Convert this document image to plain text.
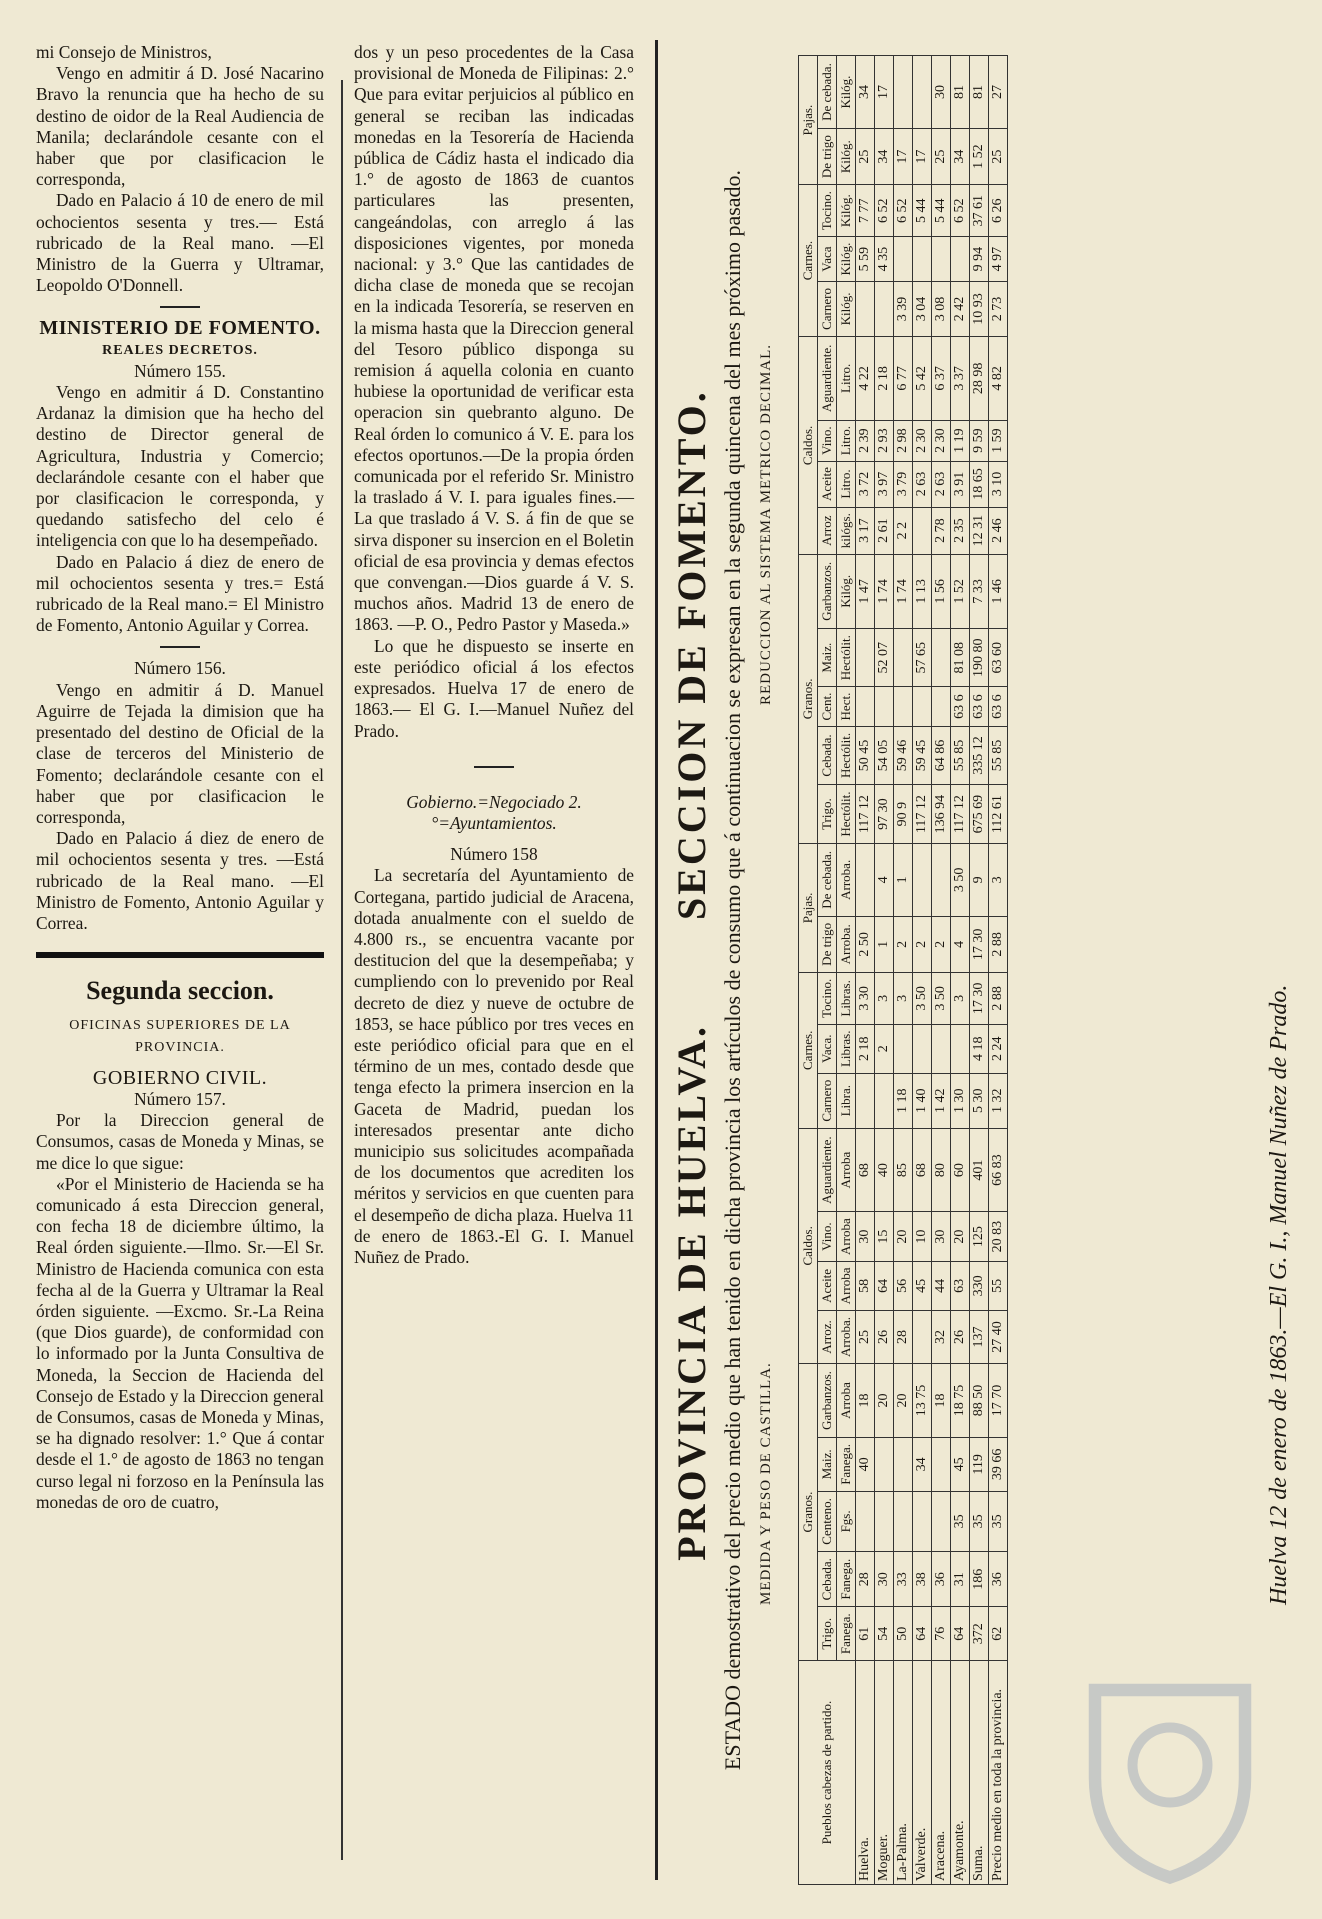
mi Consejo de Ministros,

Vengo en admitir á D. José Nacarino Bravo la renuncia que ha hecho de su destino de oidor de la Real Audiencia de Manila; declarándole cesante con el haber que por clasificacion le corresponda,

Dado en Palacio á 10 de enero de mil ochocientos sesenta y tres.— Está rubricado de la Real mano. —El Ministro de la Guerra y Ultramar, Leopoldo O'Donnell.

MINISTERIO DE FOMENTO.

REALES DECRETOS.

Número 155.

Vengo en admitir á D. Constantino Ardanaz la dimision que ha hecho del destino de Director general de Agricultura, Industria y Comercio; declarándole cesante con el haber que por clasificacion le corresponda, y quedando satisfecho del celo é inteligencia con que lo ha desempeñado.

Dado en Palacio á diez de enero de mil ochocientos sesenta y tres.= Está rubricado de la Real mano.= El Ministro de Fomento, Antonio Aguilar y Correa.

Número 156.

Vengo en admitir á D. Manuel Aguirre de Tejada la dimision que ha presentado del destino de Oficial de la clase de terceros del Ministerio de Fomento; declarándole cesante con el haber que por clasificacion le corresponda,

Dado en Palacio á diez de enero de mil ochocientos sesenta y tres. —Está rubricado de la Real mano. —El Ministro de Fomento, Antonio Aguilar y Correa.

Segunda seccion.

OFICINAS SUPERIORES DE LA PROVINCIA.

GOBIERNO CIVIL.

Número 157.

Por la Direccion general de Consumos, casas de Moneda y Minas, se me dice lo que sigue:

«Por el Ministerio de Hacienda se ha comunicado á esta Direccion general, con fecha 18 de diciembre último, la Real órden siguiente.—Ilmo. Sr.—El Sr. Ministro de Hacienda comunica con esta fecha al de la Guerra y Ultramar la Real órden siguiente. —Excmo. Sr.-La Reina (que Dios guarde), de conformidad con lo informado por la Junta Consultiva de Moneda, la Seccion de Hacienda del Consejo de Estado y la Direccion general de Consumos, casas de Moneda y Minas, se ha dignado resolver: 1.° Que á contar desde el 1.° de agosto de 1863 no tengan curso legal ni forzoso en la Península las monedas de oro de cuatro,

dos y un peso procedentes de la Casa provisional de Moneda de Filipinas: 2.° Que para evitar perjuicios al público en general se reciban las indicadas monedas en la Tesorería de Hacienda pública de Cádiz hasta el indicado dia 1.° de agosto de 1863 de cuantos particulares las presenten, cangeándolas, con arreglo á las disposiciones vigentes, por moneda nacional: y 3.° Que las cantidades de dicha clase de moneda que se recojan en la indicada Tesorería, se reserven en la misma hasta que la Direccion general del Tesoro público disponga su remision á aquella colonia en cuanto hubiese la oportunidad de verificar esta operacion sin quebranto alguno. De Real órden lo comunico á V. E. para los efectos oportunos.—De la propia órden comunicada por el referido Sr. Ministro la traslado á V. I. para iguales fines.—La que traslado á V. S. á fin de que se sirva disponer su insercion en el Boletin oficial de esa provincia y demas efectos que convengan.—Dios guarde á V. S. muchos años. Madrid 13 de enero de 1863. —P. O., Pedro Pastor y Maseda.»

Lo que he dispuesto se inserte en este periódico oficial á los efectos expresados. Huelva 17 de enero de 1863.— El G. I.—Manuel Nuñez del Prado.

Gobierno.=Negociado 2.°=Ayuntamientos.

Número 158

La secretaría del Ayuntamiento de Cortegana, partido judicial de Aracena, dotada anualmente con el sueldo de 4.800 rs., se encuentra vacante por destitucion del que la desempeñaba; y cumpliendo con lo prevenido por Real decreto de diez y nueve de octubre de 1853, se hace público por tres veces en este periódico oficial para que en el término de un mes, contado desde que tenga efecto la primera insercion en la Gaceta de Madrid, puedan los interesados presentar ante dicho municipio sus solicitudes acompañada de los documentos que acrediten los méritos y servicios en que cuenten para el desempeño de dicha plaza. Huelva 11 de enero de 1863.-El G. I. Manuel Nuñez de Prado.	PROVINCIA DE HUELVA.        SECCION DE FOMENTO. ESTADO demostrativo del precio medio que han tenido en dicha provincia los artículos de consumo que á continuacion se expresan en la segunda quincena del mes próximo pasado. MEDIDA Y PESO DE CASTILLA.
REDUCCION AL SISTEMA METRICO DECIMAL.
Pueblos cabezas de partido.	Granos.					Caldos.				Carnes.			Pajas.		Granos.					Caldos.				Carnes.			Pajas.	
	Trigo.	Cebada.	Centeno.	Maiz.	Garbanzos.	Arroz.	Aceite	Vino.	Aguardiente.	Carnero	Vaca.	Tocino.	De trigo	De cebada.	Trigo.	Cebada.	Cent.	Maiz.	Garbanzos.	Arroz	Aceite	Vino.	Aguardiente.	Carnero	Vaca	Tocino.	De trigo	De cebada.
	Fanega.	Fanega.	Fgs.	Fanega.	Arroba	Arroba.	Arroba	Arroba	Arroba	Libra.	Libras.	Libras.	Arroba.	Arroba.	Hectólit.	Hectólit.	Hect.	Hectólit.	Kilóg.	kilógs.	Litro.	Litro.	Litro.	Kilóg.	Kilóg.	Kilóg.	Kilóg.	Kilóg.
Huelva.	61	28		40	18	25	58	30	68		2 18	3 30	2 50		117 12	50 45			1 47	3 17	3 72	2 39	4 22		5 59	7 77	25	34
Moguer.	54	30			20	26	64	15	40		2	3	1	4	97 30	54 05		52 07	1 74	2 61	3 97	2 93	2 18		4 35	6 52	34	17
La-Palma.	50	33			20	28	56	20	85	1 18		3	2	1	90 9	59 46			1 74	2 2	3 79	2 98	6 77	3 39		6 52	17	
Valverde.	64	38		34	13 75		45	10	68	1 40		3 50	2		117 12	59 45		57 65	1 13		2 63	2 30	5 42	3 04		5 44	17	
Aracena.	76	36			18	32	44	30	80	1 42		3 50	2		136 94	64 86			1 56	2 78	2 63	2 30	6 37	3 08		5 44	25	30
Ayamonte.	64	31	35	45	18 75	26	63	20	60	1 30		3	4	3 50	117 12	55 85	63 6	81 08	1 52	2 35	3 91	1 19	3 37	2 42		6 52	34	81
Suma.	372	186	35	119	88 50	137	330	125	401	5 30	4 18	17 30	17 30	9	675 69	335 12	63 6	190 80	7 33	12 31	18 65	9 59	28 98	10 93	9 94	37 61	1 52	81
Precio medio en toda la provincia.	62	36	35	39 66	17 70	27 40	55	20 83	66 83	1 32	2 24	2 88	2 88	3	112 61	55 85	63 6	63 60	1 46	2 46	3 10	1 59	4 82	2 73	4 97	6 26	25	27
Huelva 12 de enero de 1863.—El G. I., Manuel Nuñez de Prado.
